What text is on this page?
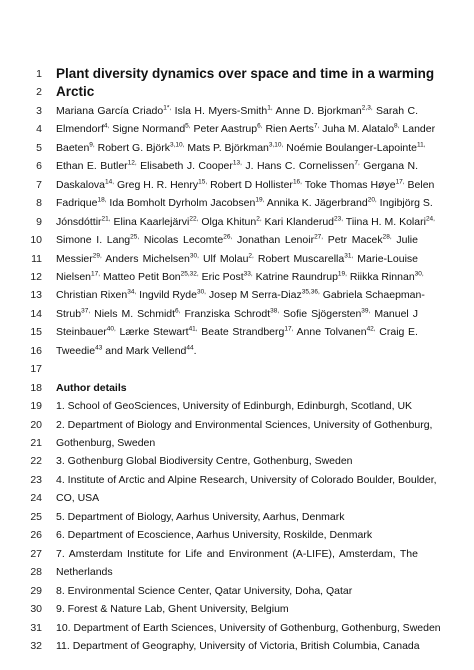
1 Plant diversity dynamics over space and time in a warming
2 Arctic
3 Mariana García Criado$^{1*,}$ Isla H. Myers-Smith$^{1,}$ Anne D. Bjorkman$^{2,3,}$ Sarah C.
4 Elmendorf$^{4,}$ Signe Normand$^{5,}$ Peter Aastrup$^{6,}$ Rien Aerts$^{7,}$ Juha M. Alatalo$^{8,}$ Lander
5 Baeten$^{9,}$ Robert G. Björk$^{3,10,}$ Mats P. Björkman$^{3,10,}$ Noémie Boulanger-Lapointe$^{11,}$
6 Ethan E. Butler$^{12,}$ Elisabeth J. Cooper$^{13,}$ J. Hans C. Cornelissen$^{7,}$ Gergana N.
7 Daskalova$^{14,}$ Greg H. R. Henry$^{15,}$ Robert D Hollister$^{16,}$ Toke Thomas Høye$^{17,}$ Belen
8 Fadrique$^{18,}$ Ida Bomholt Dyrholm Jacobsen$^{19,}$ Annika K. Jägerbrand$^{20,}$ Ingibjörg S.
9 Jónsdóttir$^{21,}$ Elina Kaarlejärvi$^{22,}$ Olga Khitun$^{2,}$ Kari Klanderud$^{23,}$ Tiina H. M. Kolari$^{24,}$
10 Simone I. Lang$^{25,}$ Nicolas Lecomte$^{26,}$ Jonathan Lenoir$^{27,}$ Petr Macek$^{28,}$ Julie
11 Messier$^{29,}$ Anders Michelsen$^{30,}$ Ulf Molau$^{2,}$ Robert Muscarella$^{31,}$ Marie-Louise
12 Nielsen$^{17,}$ Matteo Petit Bon$^{25,32,}$ Eric Post$^{33,}$ Katrine Raundrup$^{19,}$ Riikka Rinnan$^{30,}$
13 Christian Rixen$^{34,}$ Ingvild Ryde$^{30,}$ Josep M Serra-Diaz$^{35,36,}$ Gabriela Schaepman-
14 Strub$^{37,}$ Niels M. Schmidt$^{6,}$ Franziska Schrodt$^{38,}$ Sofie Sjögersten$^{39,}$ Manuel J
15 Steinbauer$^{40,}$ Lærke Stewart$^{41,}$ Beate Strandberg$^{17,}$ Anne Tolvanen$^{42,}$ Craig E.
16 Tweedie$^{43}$ and Mark Vellend$^{44}$.
17
18 Author details
19 1. School of GeoSciences, University of Edinburgh, Edinburgh, Scotland, UK
20 2. Department of Biology and Environmental Sciences, University of Gothenburg,
21 Gothenburg, Sweden
22 3. Gothenburg Global Biodiversity Centre, Gothenburg, Sweden
23 4. Institute of Arctic and Alpine Research, University of Colorado Boulder, Boulder,
24 CO, USA
25 5. Department of Biology, Aarhus University, Aarhus, Denmark
26 6. Department of Ecoscience, Aarhus University, Roskilde, Denmark
27 7. Amsterdam Institute for Life and Environment (A-LIFE), Amsterdam, The
28 Netherlands
29 8. Environmental Science Center, Qatar University, Doha, Qatar
30 9. Forest & Nature Lab, Ghent University, Belgium
31 10. Department of Earth Sciences, University of Gothenburg, Gothenburg, Sweden
32 11. Department of Geography, University of Victoria, British Columbia, Canada
